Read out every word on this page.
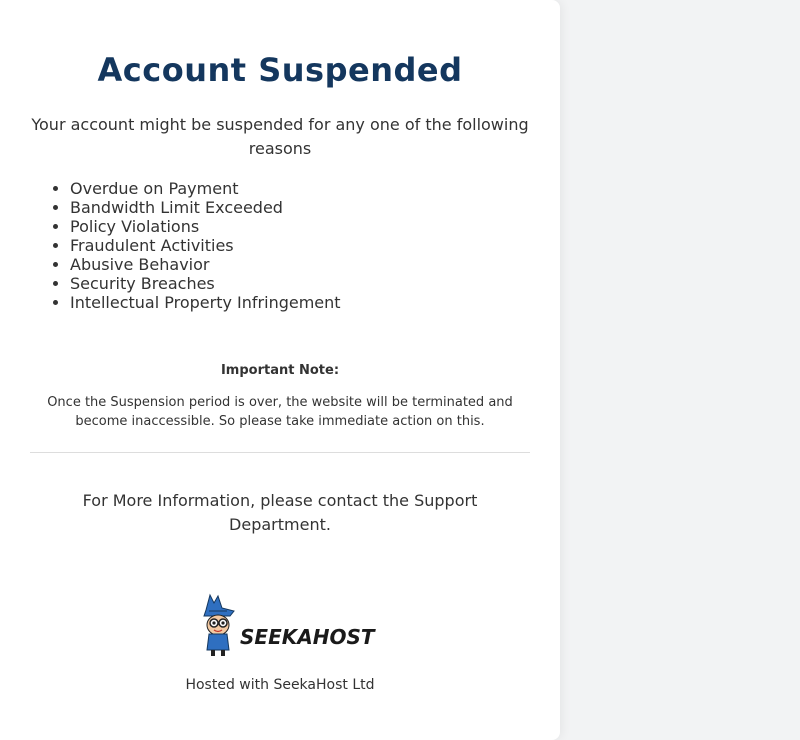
Account Suspended

Your account might be suspended for any one of the following reasons

• Overdue on Payment
• Bandwidth Limit Exceeded
• Policy Violations
• Fraudulent Activities
• Abusive Behavior
• Security Breaches
• Intellectual Property Infringement

Important Note:

Once the Suspension period is over, the website will be terminated and become inaccessible. So please take immediate action on this.

For More Information, please contact the Support Department.

SEEKAHOST
Hosted with SeekaHost Ltd
